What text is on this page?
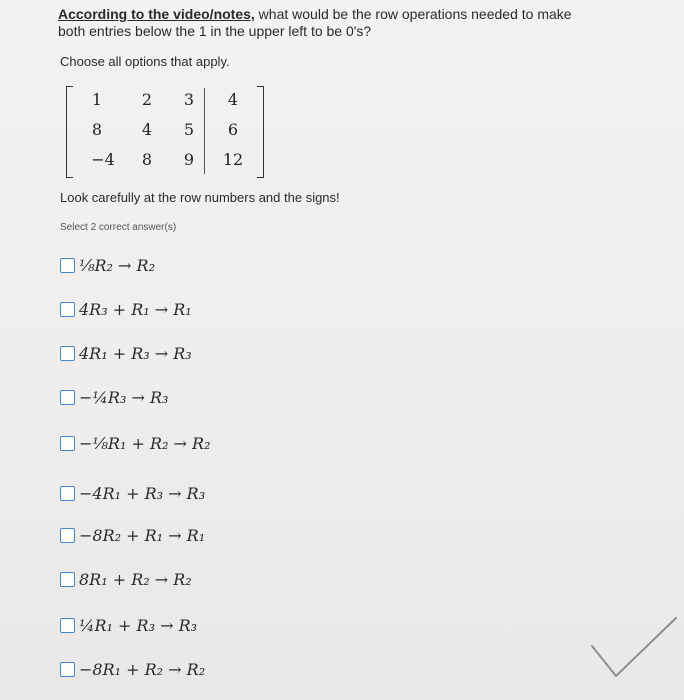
According to the video/notes, what would be the row operations needed to make
both entries below the 1 in the upper left to be 0's?
Choose all options that apply.
1	2	3	4
8	4	5	6
−4	8	9	12
Look carefully at the row numbers and the signs!
Select 2 correct answer(s)
⅛R₂ → R₂
4R₃ + R₁ → R₁
4R₁ + R₃ → R₃
−¼R₃ → R₃
−⅛R₁ + R₂ → R₂
−4R₁ + R₃ → R₃
−8R₂ + R₁ → R₁
8R₁ + R₂ → R₂
¼R₁ + R₃ → R₃
−8R₁ + R₂ → R₂
